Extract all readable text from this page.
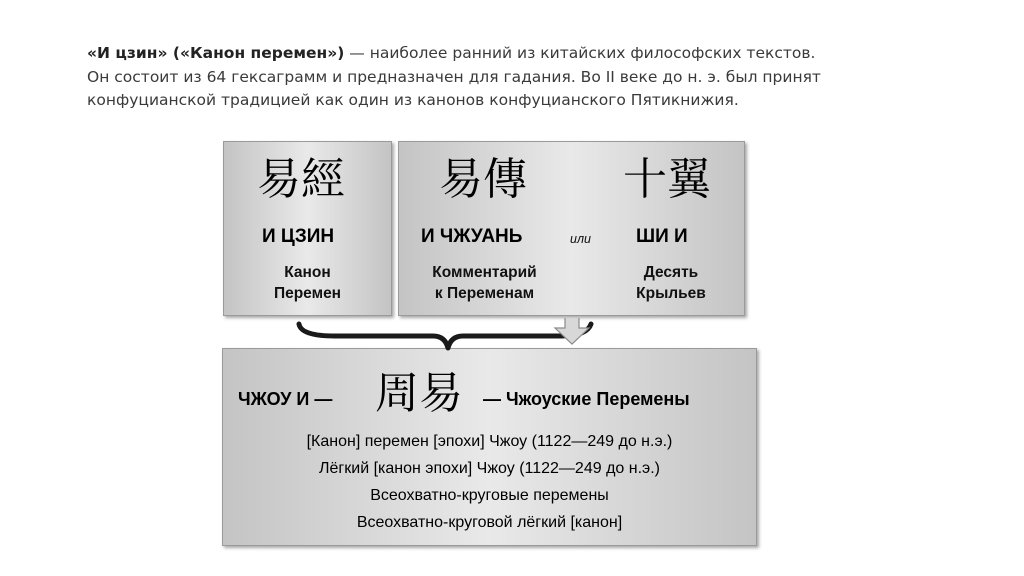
«И цзин» («Канон перемен») — наиболее ранний из китайских философских текстов.
Он состоит из 64 гексаграмм и предназначен для гадания. Во II веке до н. э. был принят конфуцианской традицией как один из канонов конфуцианского Пятикнижия.
易經
И ЦЗИН
Канон
Перемен
易傳
И ЧЖУАНЬ	или
Комментарий
к Переменам
十翼
ШИ И
Десять
Крыльев
ЧЖОУ И — 周易 — Чжоуские Перемены
[Канон] перемен [эпохи] Чжоу (1122—249 до н.э.)
Лёгкий [канон эпохи] Чжоу (1122—249 до н.э.)
Всеохватно-круговые перемены
Всеохватно-круговой лёгкий [канон]
